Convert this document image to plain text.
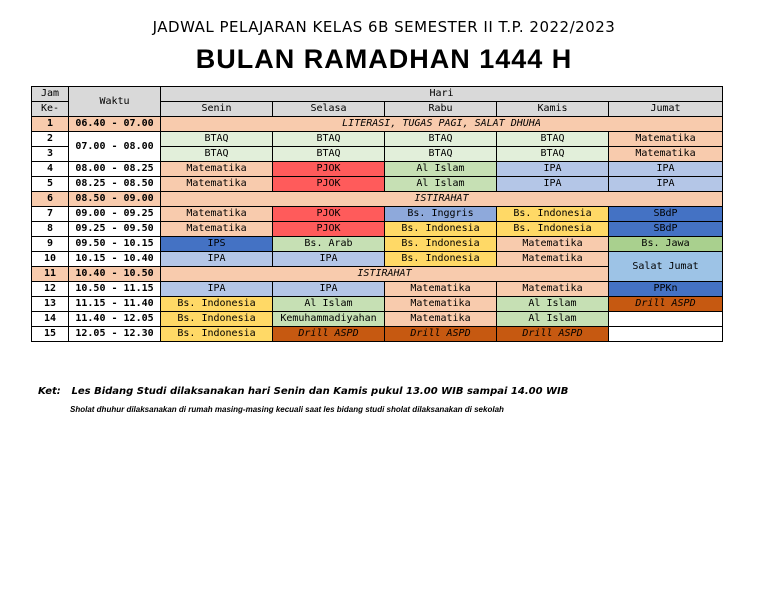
JADWAL PELAJARAN KELAS 6B SEMESTER II T.P. 2022/2023
BULAN RAMADHAN 1444 H
Jam	Waktu	Hari				
Ke-		Senin	Selasa	Rabu	Kamis	Jumat
1	06.40 - 07.00	LITERASI, TUGAS PAGI, SALAT DHUHA				
2	07.00 - 08.00	BTAQ	BTAQ	BTAQ	BTAQ	Matematika
3		BTAQ	BTAQ	BTAQ	BTAQ	Matematika
4	08.00 - 08.25	Matematika	PJOK	Al Islam	IPA	IPA
5	08.25 - 08.50	Matematika	PJOK	Al Islam	IPA	IPA
6	08.50 - 09.00	ISTIRAHAT				
7	09.00 - 09.25	Matematika	PJOK	Bs. Inggris	Bs. Indonesia	SBdP
8	09.25 - 09.50	Matematika	PJOK	Bs. Indonesia	Bs. Indonesia	SBdP
9	09.50 - 10.15	IPS	Bs. Arab	Bs. Indonesia	Matematika	Bs. Jawa
10	10.15 - 10.40	IPA	IPA	Bs. Indonesia	Matematika	Salat Jumat
11	10.40 - 10.50	ISTIRAHAT				
12	10.50 - 11.15	IPA	IPA	Matematika	Matematika	PPKn
13	11.15 - 11.40	Bs. Indonesia	Al Islam	Matematika	Al Islam	Drill ASPD
14	11.40 - 12.05	Bs. Indonesia	Kemuhammadiyahan	Matematika	Al Islam	
15	12.05 - 12.30	Bs. Indonesia	Drill ASPD	Drill ASPD	Drill ASPD	
Ket: Les Bidang Studi dilaksanakan hari Senin dan Kamis pukul 13.00 WIB sampai 14.00 WIB
Sholat dhuhur dilaksanakan di rumah masing-masing kecuali saat les bidang studi sholat dilaksanakan di sekolah
